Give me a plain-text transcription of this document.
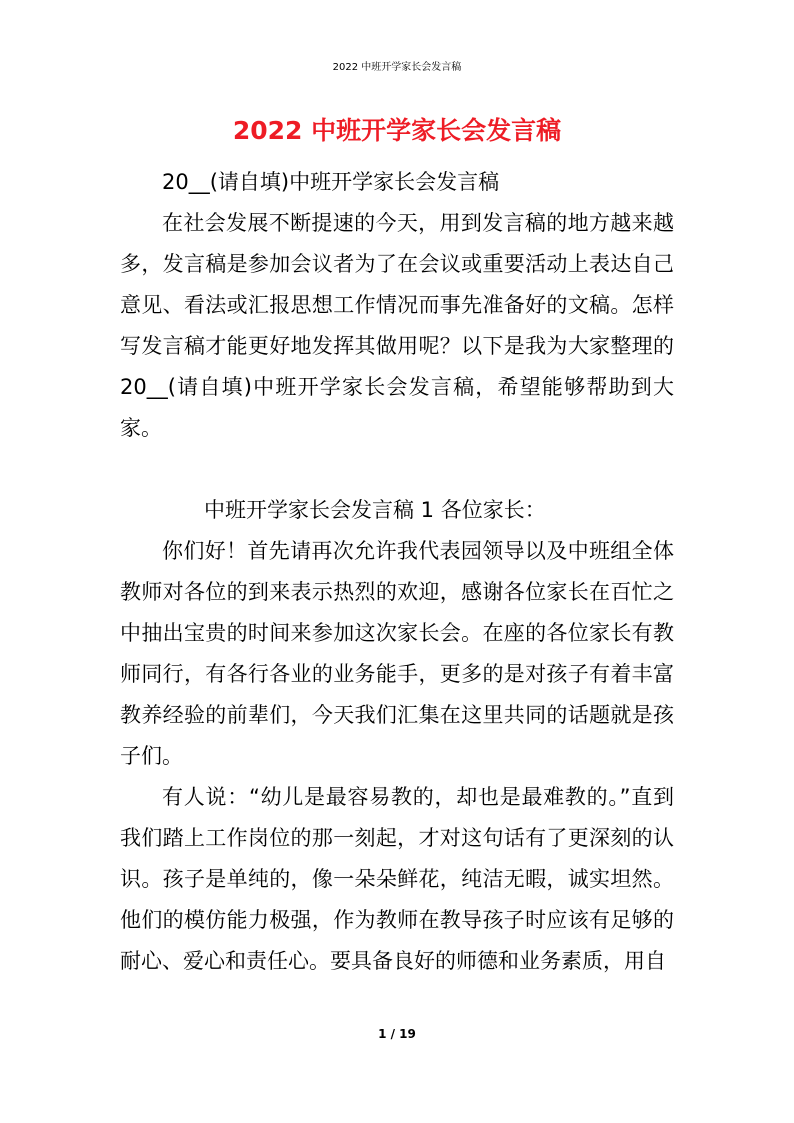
2022 中班开学家长会发言稿
2022 中班开学家长会发言稿

20__(请自填)中班开学家长会发言稿

在社会发展不断提速的今天，用到发言稿的地方越来越多，发言稿是参加会议者为了在会议或重要活动上表达自己意见、看法或汇报思想工作情况而事先准备好的文稿。怎样写发言稿才能更好地发挥其做用呢？以下是我为大家整理的 20__(请自填)中班开学家长会发言稿，希望能够帮助到大家。

中班开学家长会发言稿 1 各位家长：

你们好！首先请再次允许我代表园领导以及中班组全体教师对各位的到来表示热烈的欢迎，感谢各位家长在百忙之中抽出宝贵的时间来参加这次家长会。在座的各位家长有教师同行，有各行各业的业务能手，更多的是对孩子有着丰富教养经验的前辈们，今天我们汇集在这里共同的话题就是孩子们。

有人说：“幼儿是最容易教的，却也是最难教的。”直到我们踏上工作岗位的那一刻起，才对这句话有了更深刻的认识。孩子是单纯的，像一朵朵鲜花，纯洁无暇，诚实坦然。他们的模仿能力极强，作为教师在教导孩子时应该有足够的耐心、爱心和责任心。要具备良好的师德和业务素质，用自

1 / 19
